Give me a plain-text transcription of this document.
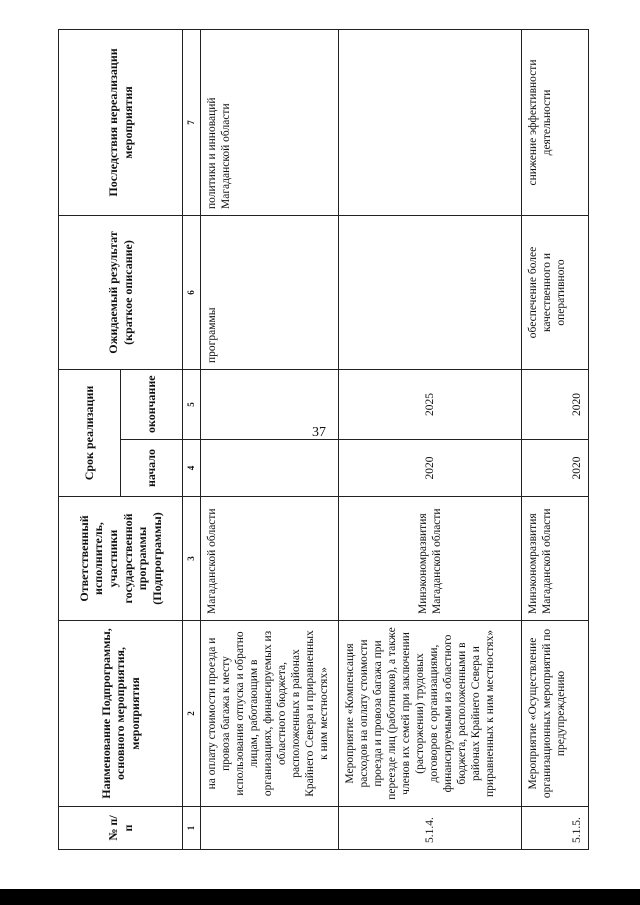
37
№ п/п	Наименование Подпрограммы, основного мероприятия, мероприятия	Ответственный исполнитель, участники государственной программы (Подпрограммы)	Срок реализации		Ожидаемый результат (краткое описание)	Последствия нереализации мероприятия
			начало	окончание		
1	2	3	4	5	6	7
	на оплату стоимости проезда и провоза багажа к месту использования отпуска и обратно лицам, работающим в организациях, финансируемых из областного бюджета, расположенных в районах Крайнего Севера и приравненных к ним местностях»	Магаданской области			программы	политики и инноваций Магаданской области
5.1.4.	Мероприятие «Компенсация расходов на оплату стоимости проезда и провоза багажа при переезде лиц (работников), а также членов их семей при заключении (расторжении) трудовых договоров с организациями, финансируемыми из областного бюджета, расположенными в районах Крайнего Севера и приравненных к ним местностях»	Минэкономразвития Магаданской области	2020	2025		
5.1.5.	Мероприятие «Осуществление организационных мероприятий по предупреждению	Минэкономразвития Магаданской области	2020	2020	обеспечение более качественного и оперативного	снижение эффективности деятельности
